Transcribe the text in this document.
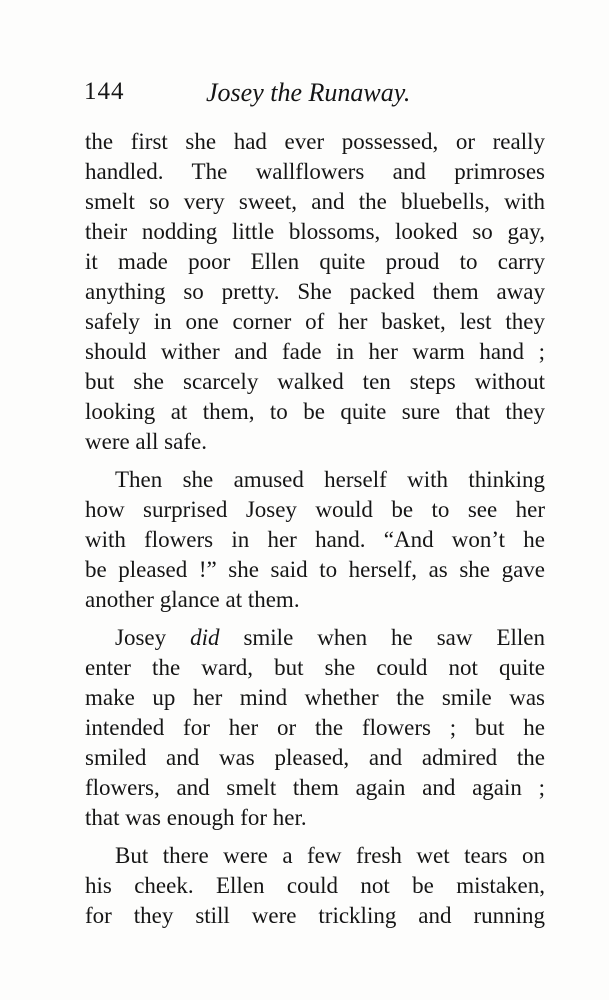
144	Josey the Runaway.
the first she had ever possessed, or really
handled. The wallflowers and primroses
smelt so very sweet, and the bluebells, with
their nodding little blossoms, looked so gay,
it made poor Ellen quite proud to carry
anything so pretty. She packed them away
safely in one corner of her basket, lest they
should wither and fade in her warm hand ;
but she scarcely walked ten steps without
looking at them, to be quite sure that they
were all safe.
Then she amused herself with thinking
how surprised Josey would be to see her
with flowers in her hand. “And won’t he
be pleased !” she said to herself, as she gave
another glance at them.
Josey did smile when he saw Ellen
enter the ward, but she could not quite
make up her mind whether the smile was
intended for her or the flowers ; but he
smiled and was pleased, and admired the
flowers, and smelt them again and again ;
that was enough for her.
But there were a few fresh wet tears on
his cheek. Ellen could not be mistaken,
for they still were trickling and running
